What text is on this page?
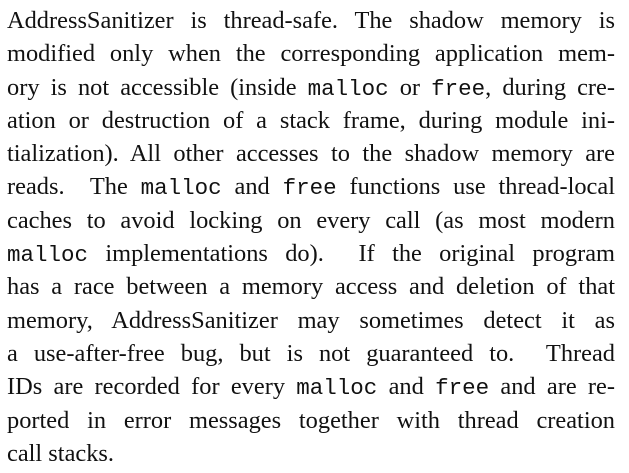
AddressSanitizer is thread-safe. The shadow memory is
modified only when the corresponding application mem-
ory is not accessible (inside malloc or free, during cre-
ation or destruction of a stack frame, during module ini-
tialization). All other accesses to the shadow memory are
reads.  The malloc and free functions use thread-local
caches to avoid locking on every call (as most modern
malloc implementations do).  If the original program
has a race between a memory access and deletion of that
memory, AddressSanitizer may sometimes detect it as
a use-after-free bug, but is not guaranteed to.  Thread
IDs are recorded for every malloc and free and are re-
ported in error messages together with thread creation
call stacks.
